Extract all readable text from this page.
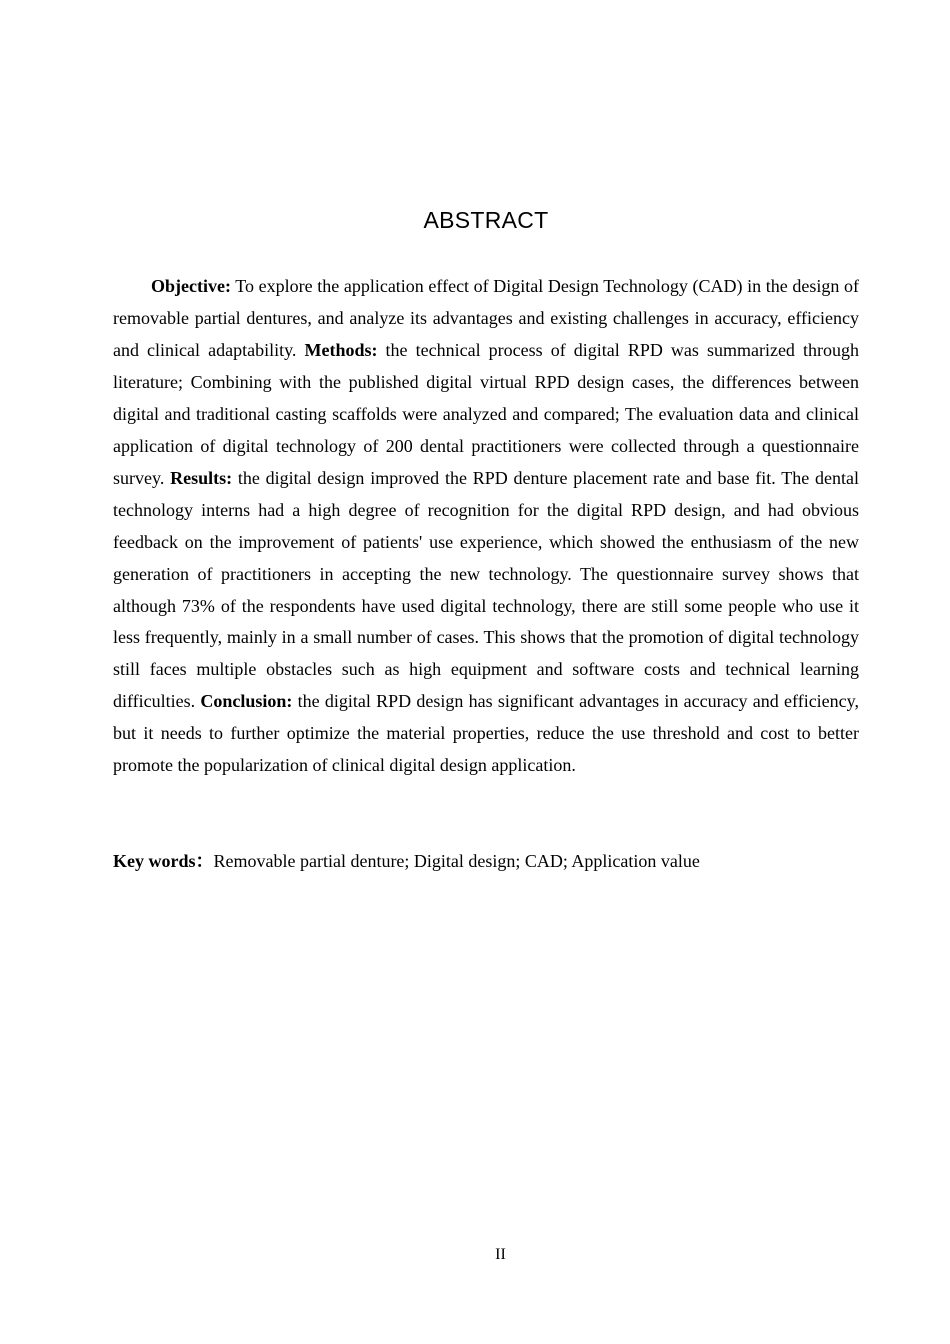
ABSTRACT

Objective: To explore the application effect of Digital Design Technology (CAD) in the design of removable partial dentures, and analyze its advantages and existing challenges in accuracy, efficiency and clinical adaptability. Methods: the technical process of digital RPD was summarized through literature; Combining with the published digital virtual RPD design cases, the differences between digital and traditional casting scaffolds were analyzed and compared; The evaluation data and clinical application of digital technology of 200 dental practitioners were collected through a questionnaire survey. Results: the digital design improved the RPD denture placement rate and base fit. The dental technology interns had a high degree of recognition for the digital RPD design, and had obvious feedback on the improvement of patients' use experience, which showed the enthusiasm of the new generation of practitioners in accepting the new technology. The questionnaire survey shows that although 73% of the respondents have used digital technology, there are still some people who use it less frequently, mainly in a small number of cases. This shows that the promotion of digital technology still faces multiple obstacles such as high equipment and software costs and technical learning difficulties. Conclusion: the digital RPD design has significant advantages in accuracy and efficiency, but it needs to further optimize the material properties, reduce the use threshold and cost to better promote the popularization of clinical digital design application.

Key words：Removable partial denture; Digital design; CAD; Application value

II
